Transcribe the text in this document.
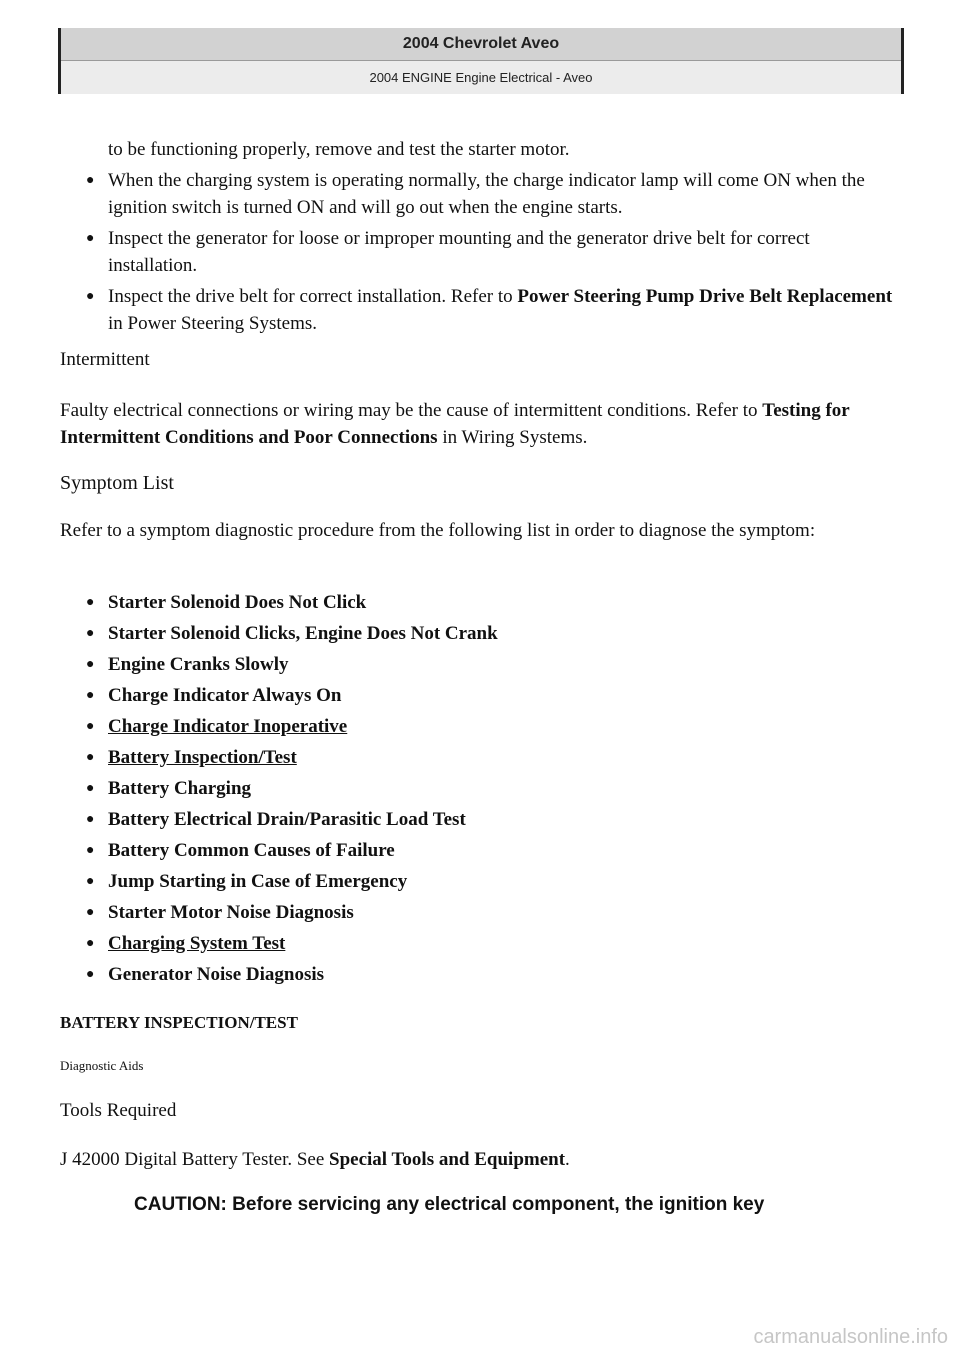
2004 Chevrolet Aveo
2004 ENGINE Engine Electrical - Aveo
to be functioning properly, remove and test the starter motor.
● When the charging system is operating normally, the charge indicator lamp will come ON when the ignition switch is turned ON and will go out when the engine starts.
● Inspect the generator for loose or improper mounting and the generator drive belt for correct installation.
● Inspect the drive belt for correct installation. Refer to Power Steering Pump Drive Belt Replacement in Power Steering Systems.
Intermittent
Faulty electrical connections or wiring may be the cause of intermittent conditions. Refer to Testing for Intermittent Conditions and Poor Connections in Wiring Systems.
Symptom List
Refer to a symptom diagnostic procedure from the following list in order to diagnose the symptom:
● Starter Solenoid Does Not Click
● Starter Solenoid Clicks, Engine Does Not Crank
● Engine Cranks Slowly
● Charge Indicator Always On
● Charge Indicator Inoperative
● Battery Inspection/Test
● Battery Charging
● Battery Electrical Drain/Parasitic Load Test
● Battery Common Causes of Failure
● Jump Starting in Case of Emergency
● Starter Motor Noise Diagnosis
● Charging System Test
● Generator Noise Diagnosis
BATTERY INSPECTION/TEST
Diagnostic Aids
Tools Required
J 42000 Digital Battery Tester. See Special Tools and Equipment.
CAUTION: Before servicing any electrical component, the ignition key
carmanualsonline.info
